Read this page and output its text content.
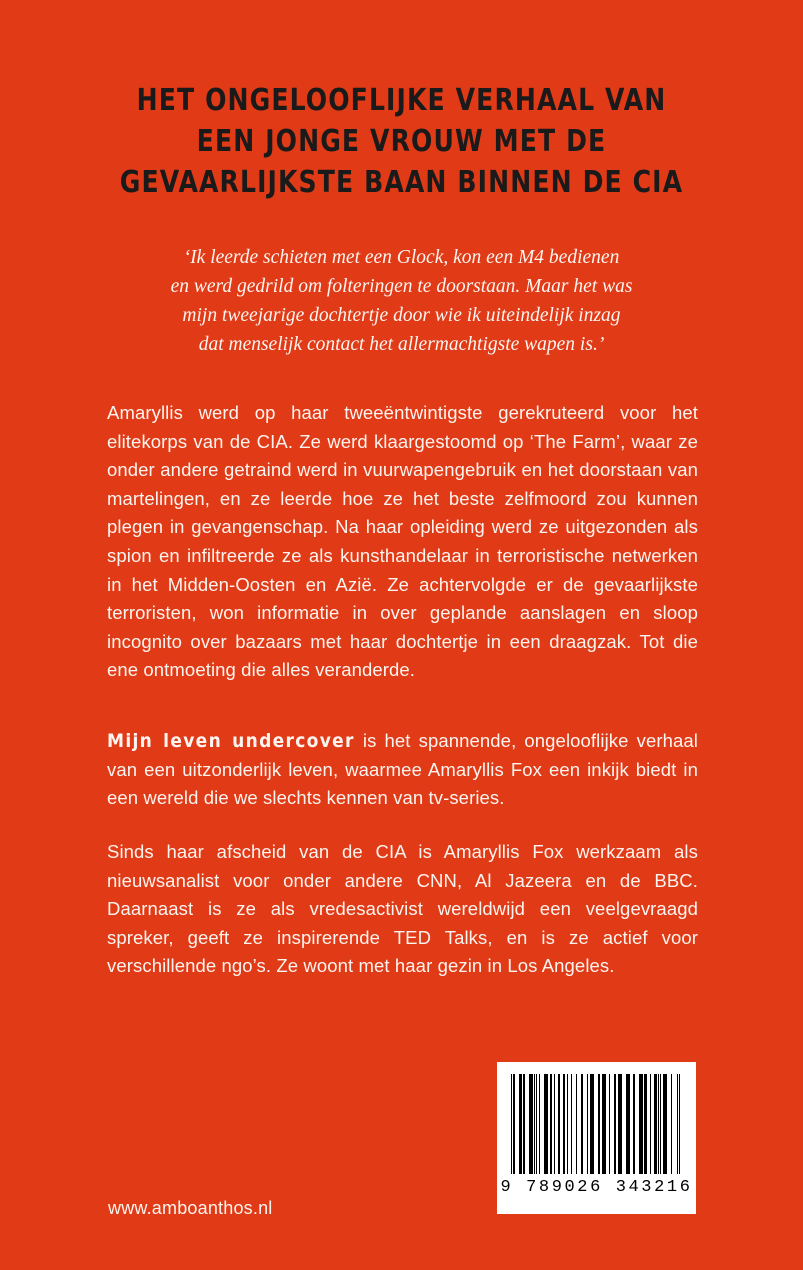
HET ONGELOOFLIJKE VERHAAL VAN
EEN JONGE VROUW MET DE
GEVAARLIJKSTE BAAN BINNEN DE CIA
‘Ik leerde schieten met een Glock, kon een M4 bedienen
en werd gedrild om folteringen te doorstaan. Maar het was
mijn tweejarige dochtertje door wie ik uiteindelijk inzag
dat menselijk contact het allermachtigste wapen is.’
Amaryllis werd op haar tweeëntwintigste gerekruteerd voor het elitekorps van de CIA. Ze werd klaargestoomd op ‘The Farm’, waar ze onder andere getraind werd in vuurwapengebruik en het doorstaan van martelingen, en ze leerde hoe ze het beste zelfmoord zou kunnen plegen in gevangenschap. Na haar opleiding werd ze uitgezonden als spion en infiltreerde ze als kunsthandelaar in terroristische netwerken in het Midden-Oosten en Azië. Ze achtervolgde er de gevaarlijkste terroristen, won informatie in over geplande aanslagen en sloop incognito over bazaars met haar dochtertje in een draagzak. Tot die ene ontmoeting die alles veranderde.
Mijn leven undercover is het spannende, ongelooflijke verhaal van een uitzonderlijk leven, waarmee Amaryllis Fox een inkijk biedt in een wereld die we slechts kennen van tv-series.
Sinds haar afscheid van de CIA is Amaryllis Fox werkzaam als nieuwsanalist voor onder andere CNN, Al Jazeera en de BBC. Daarnaast is ze als vredesactivist wereldwijd een veelgevraagd spreker, geeft ze inspirerende TED Talks, en is ze actief voor verschillende ngo’s. Ze woont met haar gezin in Los Angeles.
9 789026 343216
www.amboanthos.nl
